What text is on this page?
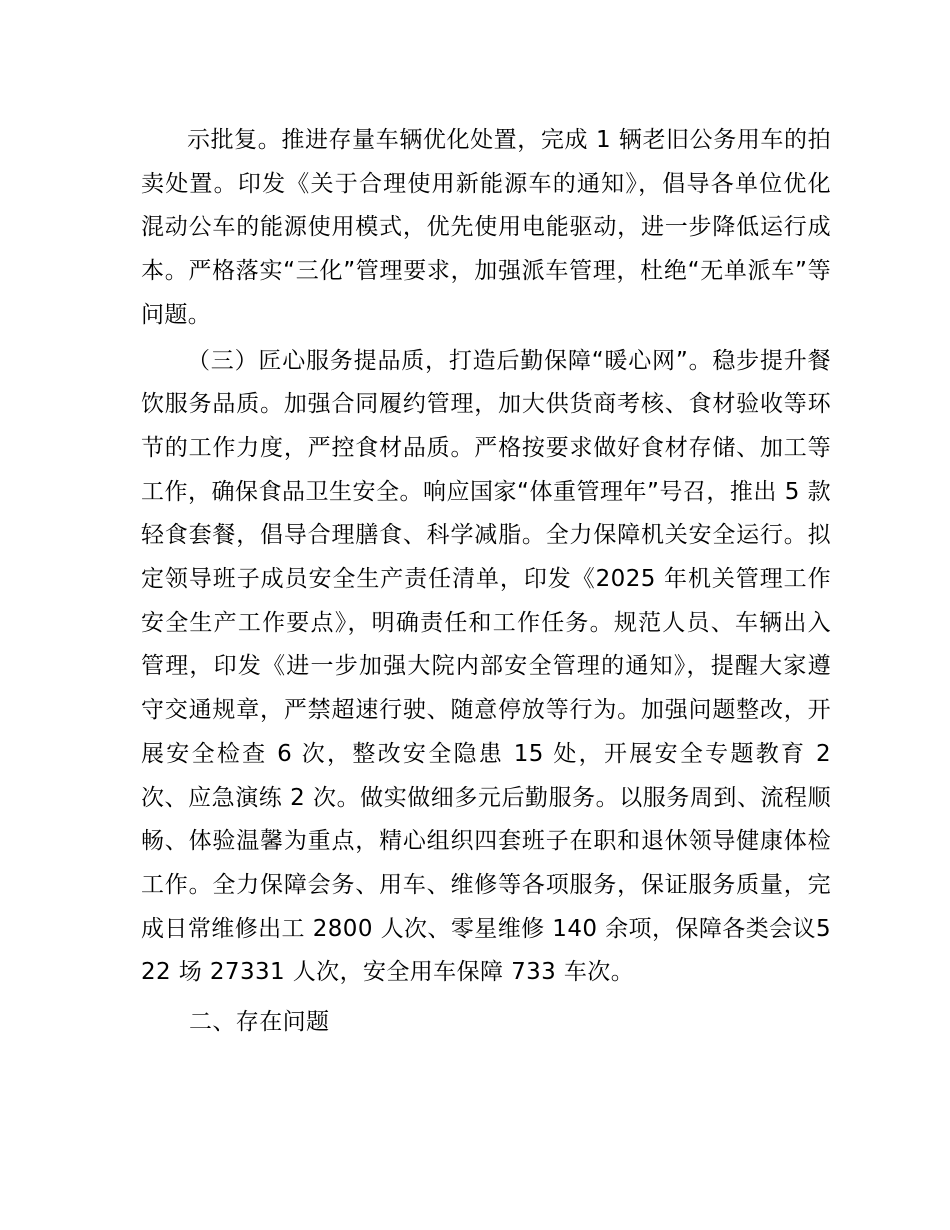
示批复。推进存量车辆优化处置，完成 1 辆老旧公务用车的拍卖处置。印发《关于合理使用新能源车的通知》，倡导各单位优化混动公车的能源使用模式，优先使用电能驱动，进一步降低运行成本。严格落实“三化”管理要求，加强派车管理，杜绝“无单派车”等问题。

（三）匠心服务提品质，打造后勤保障“暖心网”。稳步提升餐饮服务品质。加强合同履约管理，加大供货商考核、食材验收等环节的工作力度，严控食材品质。严格按要求做好食材存储、加工等工作，确保食品卫生安全。响应国家“体重管理年”号召，推出 5 款轻食套餐，倡导合理膳食、科学减脂。全力保障机关安全运行。拟定领导班子成员安全生产责任清单，印发《2025 年机关管理工作安全生产工作要点》，明确责任和工作任务。规范人员、车辆出入管理，印发《进一步加强大院内部安全管理的通知》，提醒大家遵守交通规章，严禁超速行驶、随意停放等行为。加强问题整改，开展安全检查 6 次，整改安全隐患 15 处，开展安全专题教育 2 次、应急演练 2 次。做实做细多元后勤服务。以服务周到、流程顺畅、体验温馨为重点，精心组织四套班子在职和退休领导健康体检工作。全力保障会务、用车、维修等各项服务，保证服务质量，完成日常维修出工 2800 人次、零星维修 140 余项，保障各类会议522 场 27331 人次，安全用车保障 733 车次。

二、存在问题
